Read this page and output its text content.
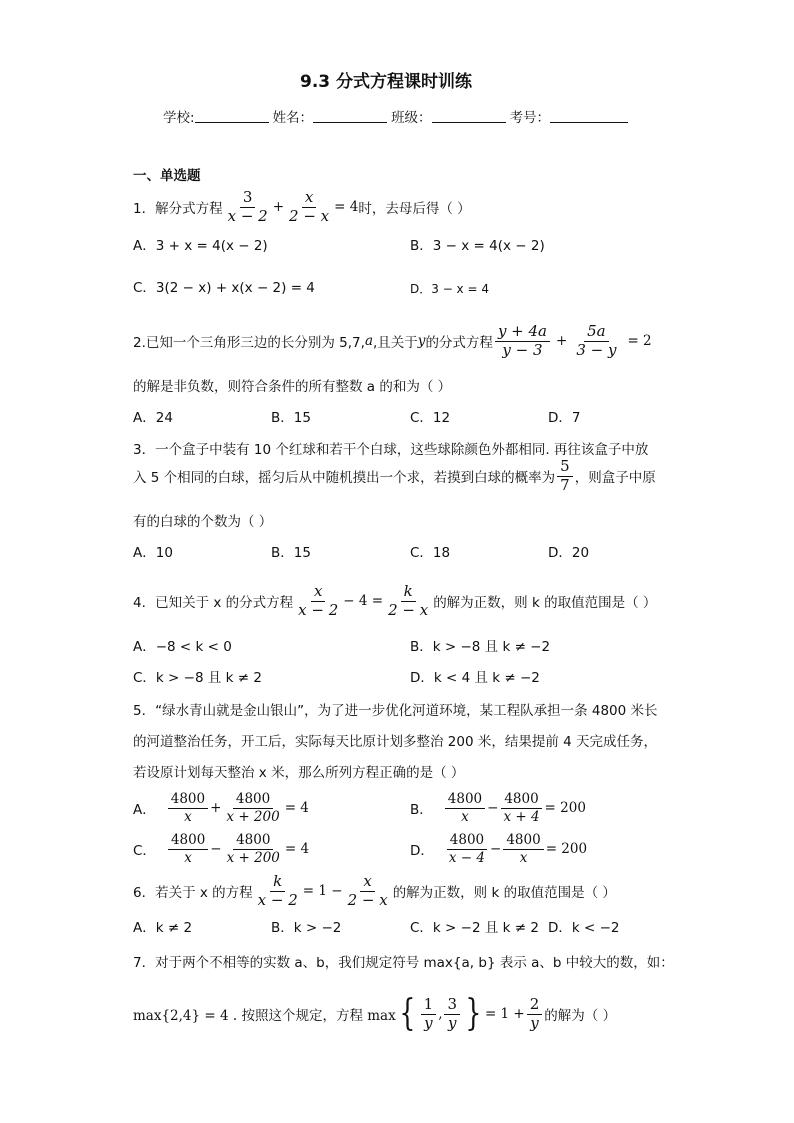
9.3 分式方程课时训练
学校:	姓名：	班级：	考号：
一、单选题
1．解分式方程 $\frac{3}{x - 2} + \frac{x}{2 - x} = 4$ 时，去母后得（ ）
A．3 + x = 4(x − 2)	B．3 − x = 4(x − 2)
C．3(2 − x) + x(x − 2) = 4	D．3 − x = 4
2.已知一个三角形三边的长分别为 5,7, a ,且关于 y 的分式方程 $\frac{y + 4a}{y - 3} + \frac{5a}{3 - y} = 2$
的解是非负数，则符合条件的所有整数 a 的和为（ ）
A．24	B．15	C．12	D．7
3．一个盒子中装有 10 个红球和若干个白球，这些球除颜色外都相同. 再往该盒子中放
入 5 个相同的白球，摇匀后从中随机摸出一个求，若摸到白球的概率为 $\frac{5}{7}$ ，则盒子中原
有的白球的个数为（ ）
A．10	B．15	C．18	D．20
4．已知关于 x 的分式方程 $\frac{x}{x - 2} - 4 = \frac{k}{2 - x}$ 的解为正数，则 k 的取值范围是（ ）
A．−8 < k < 0	B．k > −8 且 k ≠ −2
C．k > −8 且 k ≠ 2	D．k < 4 且 k ≠ −2
5．“绿水青山就是金山银山”，为了进一步优化河道环境，某工程队承担一条 4800 米长
的河道整治任务，开工后，实际每天比原计划多整治 200 米，结果提前 4 天完成任务，
若设原计划每天整治 x 米，那么所列方程正确的是（ ）
A． $\frac{4800}{x} + \frac{4800}{x + 200} = 4$	B． $\frac{4800}{x} - \frac{4800}{x + 4} = 200$
C． $\frac{4800}{x} - \frac{4800}{x + 200} = 4$	D． $\frac{4800}{x - 4} - \frac{4800}{x} = 200$
6．若关于 x 的方程 $\frac{k}{x - 2} = 1 - \frac{x}{2 - x}$ 的解为正数，则 k 的取值范围是（ ）
A．k ≠ 2	B．k > −2	C．k > −2 且 k ≠ 2 D．k < −2
7．对于两个不相等的实数 a、b，我们规定符号 max{a, b} 表示 a、b 中较大的数，如：
max{2,4} = 4 . 按照这个规定，方程 max { $\frac{1}{y}$ , $\frac{3}{y}$ } = $1 + \frac{2}{y}$ 的解为（ ）
